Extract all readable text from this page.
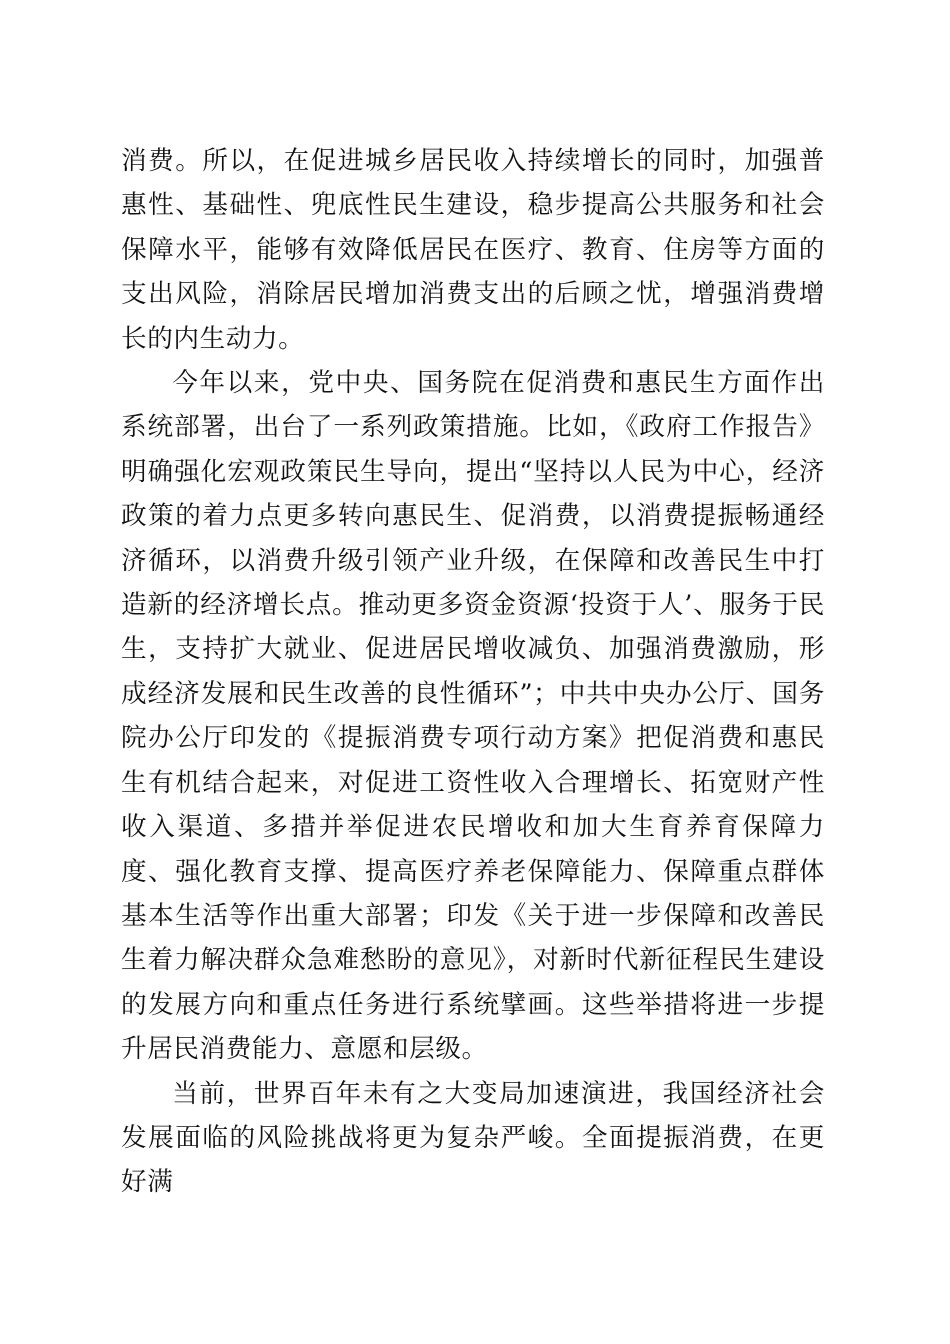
消费。所以，在促进城乡居民收入持续增长的同时，加强普惠性、基础性、兜底性民生建设，稳步提高公共服务和社会保障水平，能够有效降低居民在医疗、教育、住房等方面的支出风险，消除居民增加消费支出的后顾之忧，增强消费增长的内生动力。

今年以来，党中央、国务院在促消费和惠民生方面作出系统部署，出台了一系列政策措施。比如，《政府工作报告》明确强化宏观政策民生导向，提出“坚持以人民为中心，经济政策的着力点更多转向惠民生、促消费，以消费提振畅通经济循环，以消费升级引领产业升级，在保障和改善民生中打造新的经济增长点。推动更多资金资源‘投资于人’、服务于民生，支持扩大就业、促进居民增收减负、加强消费激励，形成经济发展和民生改善的良性循环”；中共中央办公厅、国务院办公厅印发的《提振消费专项行动方案》把促消费和惠民生有机结合起来，对促进工资性收入合理增长、拓宽财产性收入渠道、多措并举促进农民增收和加大生育养育保障力度、强化教育支撑、提高医疗养老保障能力、保障重点群体基本生活等作出重大部署；印发《关于进一步保障和改善民生着力解决群众急难愁盼的意见》，对新时代新征程民生建设的发展方向和重点任务进行系统擘画。这些举措将进一步提升居民消费能力、意愿和层级。

当前，世界百年未有之大变局加速演进，我国经济社会发展面临的风险挑战将更为复杂严峻。全面提振消费，在更好满
